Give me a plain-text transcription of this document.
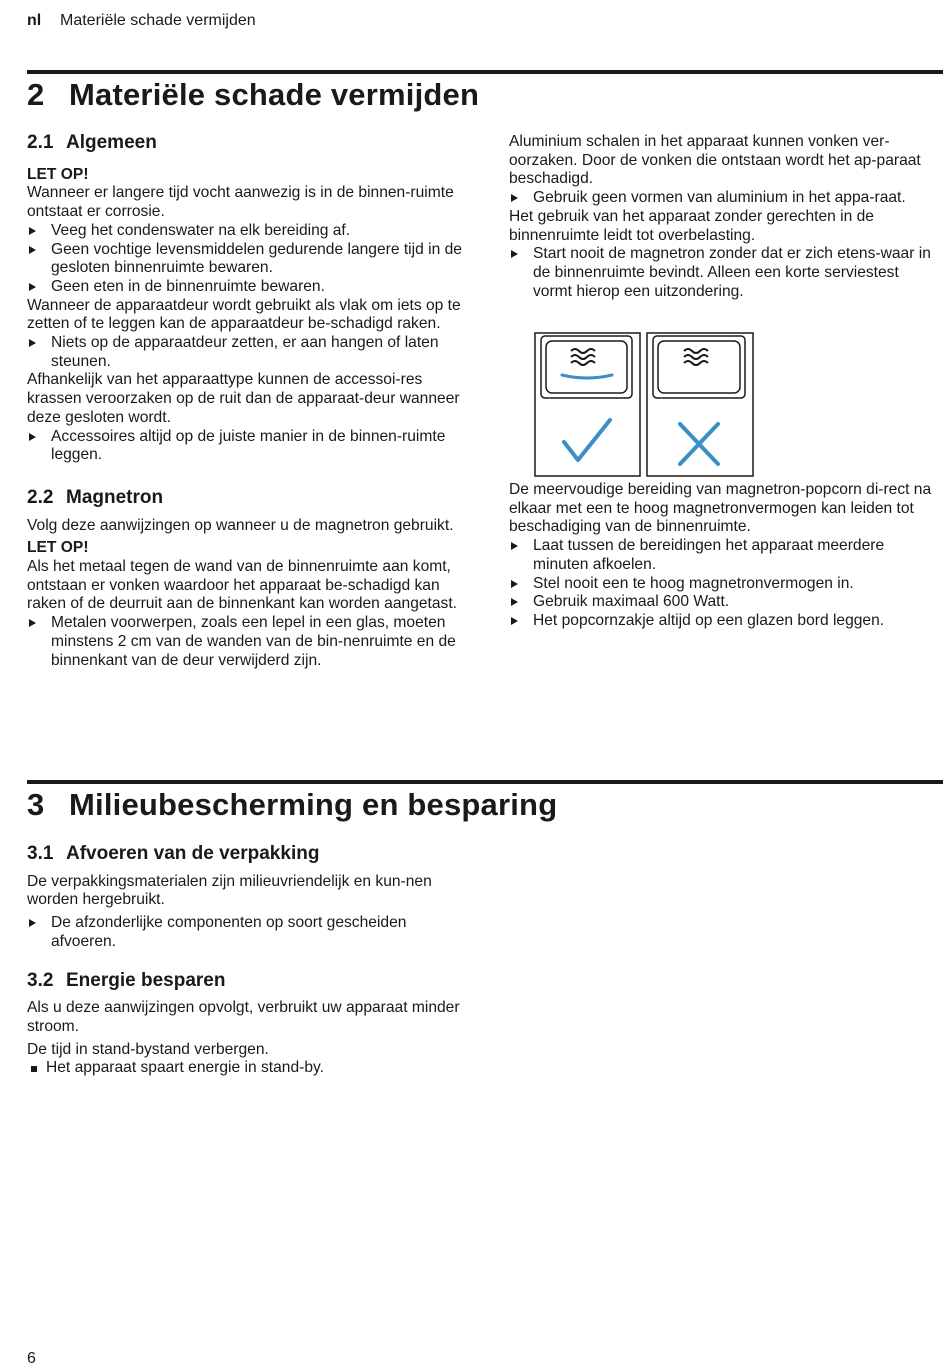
nl Materiële schade vermijden
2 Materiële schade vermijden
2.1 Algemeen

LET OP!

Wanneer er langere tijd vocht aanwezig is in de binnen-ruimte ontstaat er corrosie.

Veeg het condenswater na elk bereiding af.

Geen vochtige levensmiddelen gedurende langere tijd in de gesloten binnenruimte bewaren.

Geen eten in de binnenruimte bewaren.

Wanneer de apparaatdeur wordt gebruikt als vlak om iets op te zetten of te leggen kan de apparaatdeur be-schadigd raken.

Niets op de apparaatdeur zetten, er aan hangen of laten steunen.

Afhankelijk van het apparaattype kunnen de accessoi-res krassen veroorzaken op de ruit dan de apparaat-deur wanneer deze gesloten wordt.

Accessoires altijd op de juiste manier in de binnen-ruimte leggen.

2.2 Magnetron

Volg deze aanwijzingen op wanneer u de magnetron gebruikt.

LET OP!

Als het metaal tegen de wand van de binnenruimte aan komt, ontstaan er vonken waardoor het apparaat be-schadigd kan raken of de deurruit aan de binnenkant kan worden aangetast.

Metalen voorwerpen, zoals een lepel in een glas, moeten minstens 2 cm van de wanden van de bin-nenruimte en de binnenkant van de deur verwijderd zijn.

Aluminium schalen in het apparaat kunnen vonken ver-oorzaken. Door de vonken die ontstaan wordt het ap-paraat beschadigd.

Gebruik geen vormen van aluminium in het appa-raat.

Het gebruik van het apparaat zonder gerechten in de binnenruimte leidt tot overbelasting.

Start nooit de magnetron zonder dat er zich etens-waar in de binnenruimte bevindt. Alleen een korte serviestest vormt hierop een uitzondering.

De meervoudige bereiding van magnetron-popcorn di-rect na elkaar met een te hoog magnetronvermogen kan leiden tot beschadiging van de binnenruimte.

Laat tussen de bereidingen het apparaat meerdere minuten afkoelen.

Stel nooit een te hoog magnetronvermogen in.

Gebruik maximaal 600 Watt.

Het popcornzakje altijd op een glazen bord leggen.

3 Milieubescherming en besparing
3.1 Afvoeren van de verpakking

De verpakkingsmaterialen zijn milieuvriendelijk en kun-nen worden hergebruikt.

De afzonderlijke componenten op soort gescheiden afvoeren.

3.2 Energie besparen

Als u deze aanwijzingen opvolgt, verbruikt uw apparaat minder stroom.

De tijd in stand-bystand verbergen.

Het apparaat spaart energie in stand-by.

6
